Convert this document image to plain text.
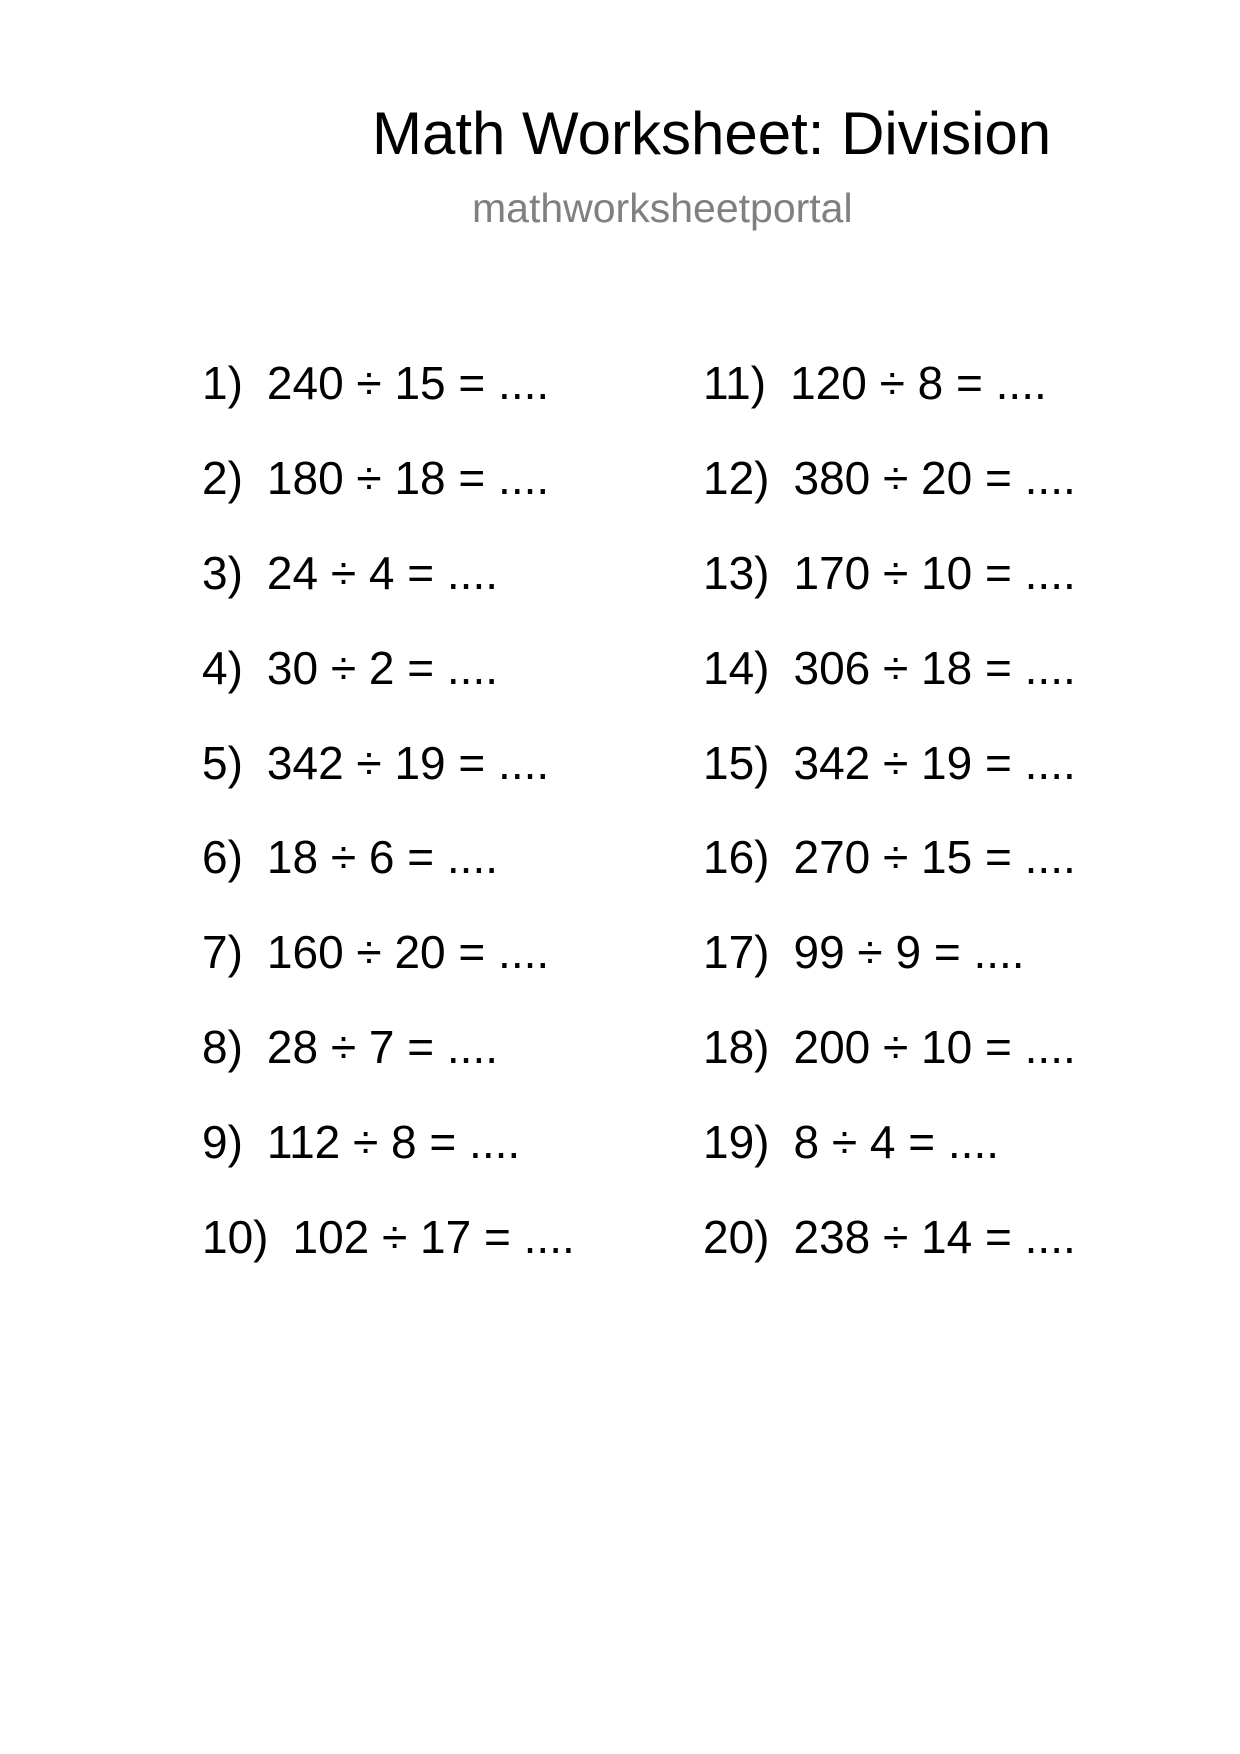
Math Worksheet: Division
mathworksheetportal
1) 240 ÷ 15 = ....
2) 180 ÷ 18 = ....
3) 24 ÷ 4 = ....
4) 30 ÷ 2 = ....
5) 342 ÷ 19 = ....
6) 18 ÷ 6 = ....
7) 160 ÷ 20 = ....
8) 28 ÷ 7 = ....
9) 112 ÷ 8 = ....
10) 102 ÷ 17 = ....
11) 120 ÷ 8 = ....
12) 380 ÷ 20 = ....
13) 170 ÷ 10 = ....
14) 306 ÷ 18 = ....
15) 342 ÷ 19 = ....
16) 270 ÷ 15 = ....
17) 99 ÷ 9 = ....
18) 200 ÷ 10 = ....
19) 8 ÷ 4 = ....
20) 238 ÷ 14 = ....
